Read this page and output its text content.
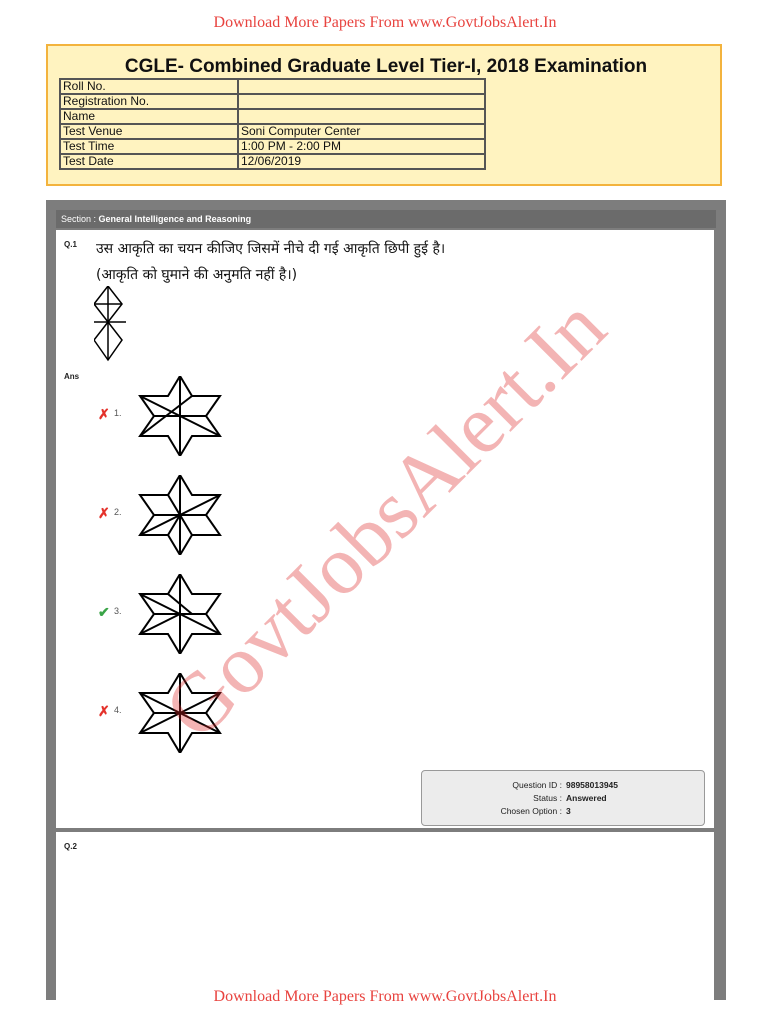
Download More Papers From www.GovtJobsAlert.In
CGLE- Combined Graduate Level Tier-I, 2018 Examination
Roll No.	
Registration No.	
Name	
Test Venue	Soni Computer Center
Test Time	1:00 PM - 2:00 PM
Test Date	12/06/2019
Section : General Intelligence and Reasoning
Q.1 उस आकृति का चयन कीजिए जिसमें नीचे दी गई आकृति छिपी हुई है।
(आकृति को घुमाने की अनुमति नहीं है।)
Ans
✗ 1.
✗ 2.
✔ 3.
✗ 4.
Question ID : 98958013945
Status : Answered
Chosen Option : 3
Q.2
GovtJobsAlert.In
Download More Papers From www.GovtJobsAlert.In
